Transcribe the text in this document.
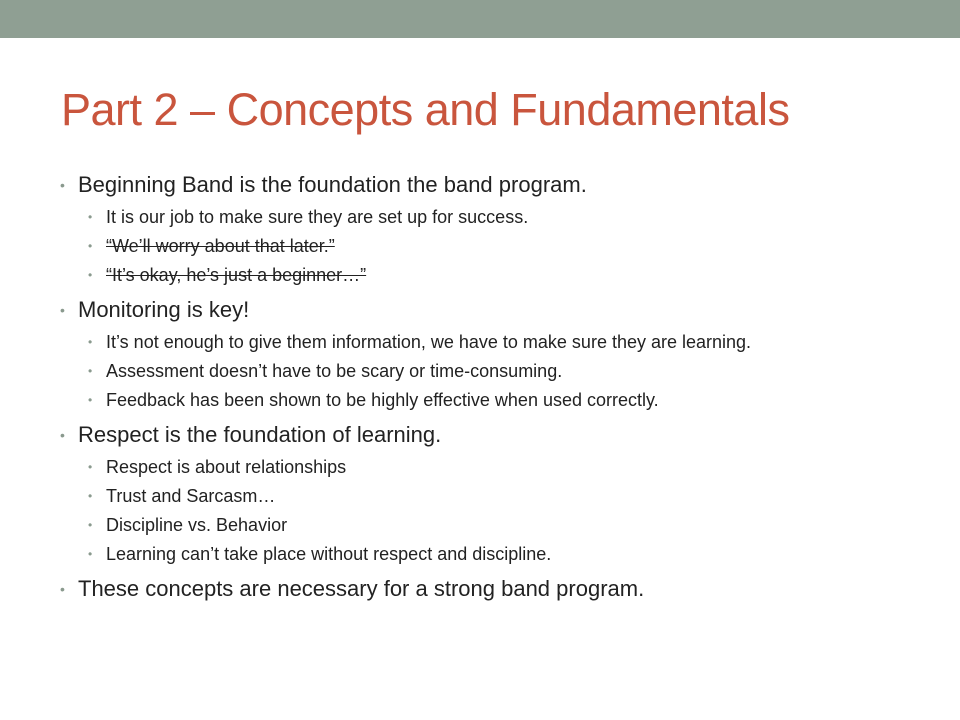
Part 2 – Concepts and Fundamentals
• Beginning Band is the foundation the band program.
• It is our job to make sure they are set up for success.
• “We’ll worry about that later.”
• “It’s okay, he’s just a beginner…”
• Monitoring is key!
• It’s not enough to give them information, we have to make sure they are learning.
• Assessment doesn’t have to be scary or time-consuming.
• Feedback has been shown to be highly effective when used correctly.
• Respect is the foundation of learning.
• Respect is about relationships
• Trust and Sarcasm…
• Discipline vs. Behavior
• Learning can’t take place without respect and discipline.
• These concepts are necessary for a strong band program.
